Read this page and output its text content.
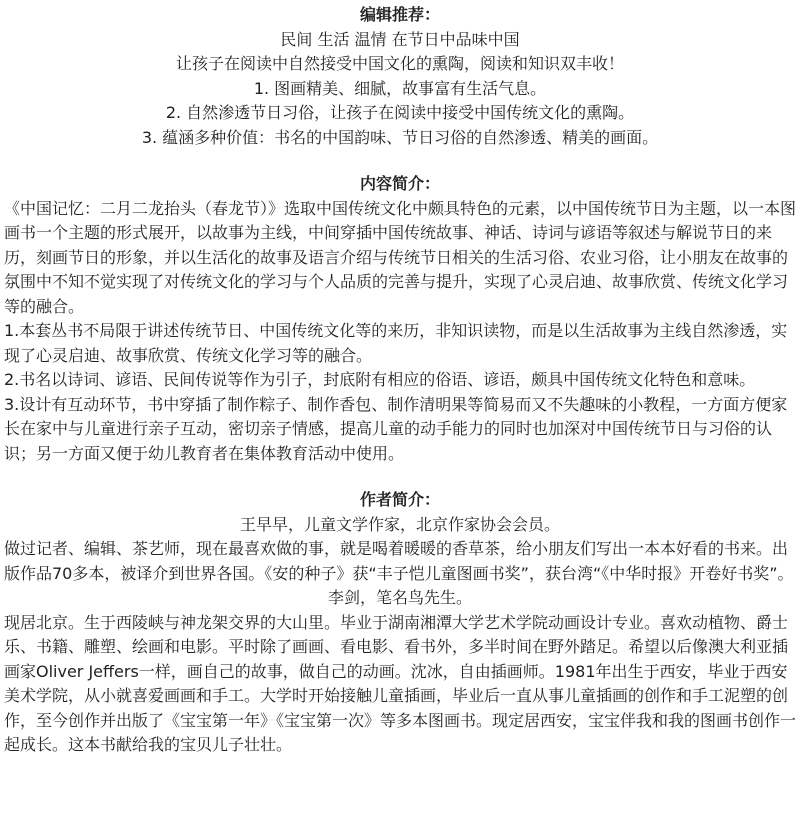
编辑推荐：

民间 生活 温情 在节日中品味中国

让孩子在阅读中自然接受中国文化的熏陶，阅读和知识双丰收！

1. 图画精美、细腻，故事富有生活气息。

2. 自然渗透节日习俗，让孩子在阅读中接受中国传统文化的熏陶。

3. 蕴涵多种价值：书名的中国韵味、节日习俗的自然渗透、精美的画面。

内容简介：

《中国记忆：二月二龙抬头（春龙节）》选取中国传统文化中颇具特色的元素，以中国传统节日为主题，以一本图画书一个主题的形式展开，以故事为主线，中间穿插中国传统故事、神话、诗词与谚语等叙述与解说节日的来历，刻画节日的形象，并以生活化的故事及语言介绍与传统节日相关的生活习俗、农业习俗，让小朋友在故事的氛围中不知不觉实现了对传统文化的学习与个人品质的完善与提升，实现了心灵启迪、故事欣赏、传统文化学习等的融合。

1.本套丛书不局限于讲述传统节日、中国传统文化等的来历，非知识读物，而是以生活故事为主线自然渗透，实现了心灵启迪、故事欣赏、传统文化学习等的融合。

2.书名以诗词、谚语、民间传说等作为引子，封底附有相应的俗语、谚语，颇具中国传统文化特色和意味。

3.设计有互动环节，书中穿插了制作粽子、制作香包、制作清明果等简易而又不失趣味的小教程，一方面方便家长在家中与儿童进行亲子互动，密切亲子情感，提高儿童的动手能力的同时也加深对中国传统节日与习俗的认识；另一方面又便于幼儿教育者在集体教育活动中使用。

作者简介：

王早早，儿童文学作家，北京作家协会会员。

做过记者、编辑、茶艺师，现在最喜欢做的事，就是喝着暖暖的香草茶，给小朋友们写出一本本好看的书来。出版作品70多本，被译介到世界各国。《安的种子》获“丰子恺儿童图画书奖”，获台湾“《中华时报》开卷好书奖”。

李剑，笔名鸟先生。

现居北京。生于西陵峡与神龙架交界的大山里。毕业于湖南湘潭大学艺术学院动画设计专业。喜欢动植物、爵士乐、书籍、雕塑、绘画和电影。平时除了画画、看电影、看书外，多半时间在野外踏足。希望以后像澳大利亚插画家Oliver Jeffers一样，画自己的故事，做自己的动画。沈冰，自由插画师。1981年出生于西安，毕业于西安美术学院，从小就喜爱画画和手工。大学时开始接触儿童插画，毕业后一直从事儿童插画的创作和手工泥塑的创作，至今创作并出版了《宝宝第一年》《宝宝第一次》等多本图画书。现定居西安，宝宝伴我和我的图画书创作一起成长。这本书献给我的宝贝儿子壮壮。
